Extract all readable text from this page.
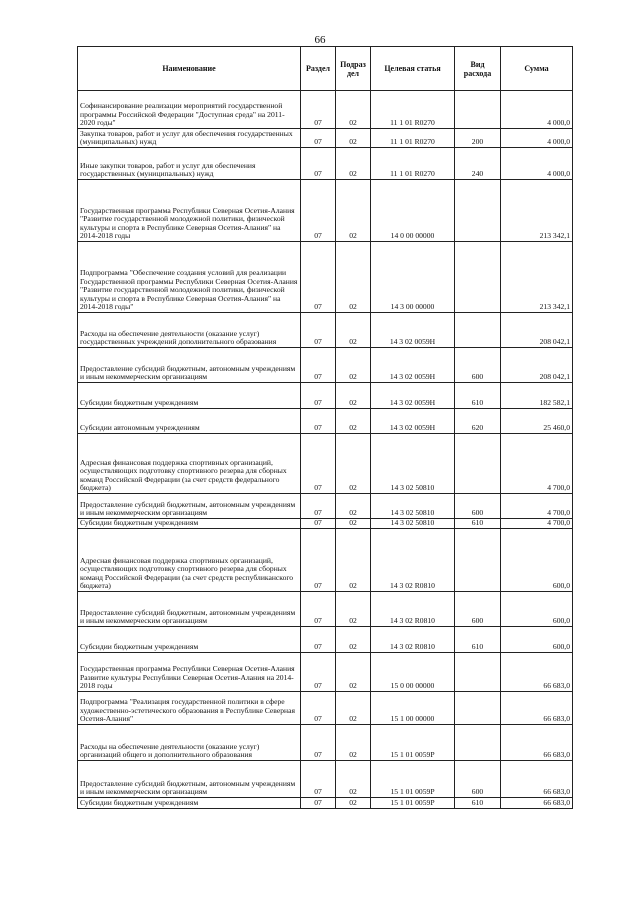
66
Наименование	Раздел	Подраз дел	Целевая статья	Вид расхода	Сумма
Софинансирование реализации мероприятий государственной программы Российской Федерации "Доступная среда" на 2011-2020 годы"	07	02	11 1 01 R0270		4 000,0
Закупка товаров, работ и услуг для обеспечения государственных (муниципальных) нужд	07	02	11 1 01 R0270	200	4 000,0
Иные закупки товаров, работ и услуг для обеспечения государственных (муниципальных) нужд	07	02	11 1 01 R0270	240	4 000,0
Государственная программа Республики Северная Осетия-Алания "Развитие государственной молодежной политики, физической культуры и спорта в Республике Северная Осетия-Алания" на 2014-2018 годы	07	02	14 0 00 00000		213 342,1
Подпрограмма "Обеспечение создания условий для реализации Государственной программы Республики Северная Осетия-Алания "Развитие государственной молодежной политики, физической культуры и спорта в Республике Северная Осетия-Алания" на 2014-2018 годы"	07	02	14 3 00 00000		213 342,1
Расходы на обеспечение деятельности (оказание услуг) государственных учреждений дополнительного образования	07	02	14 3 02 0059Н		208 042,1
Предоставление субсидий бюджетным, автономным учреждениям и иным некоммерческим организациям	07	02	14 3 02 0059Н	600	208 042,1
Субсидии бюджетным учреждениям	07	02	14 3 02 0059Н	610	182 582,1
Субсидии автономным учреждениям	07	02	14 3 02 0059Н	620	25 460,0
Адресная финансовая поддержка спортивных организаций, осуществляющих подготовку спортивного резерва для сборных команд Российской Федерации (за счет средств федерального бюджета)	07	02	14 3 02 50810		4 700,0
Предоставление субсидий бюджетным, автономным учреждениям и иным некоммерческим организациям	07	02	14 3 02 50810	600	4 700,0
Субсидии бюджетным учреждениям	07	02	14 3 02 50810	610	4 700,0
Адресная финансовая поддержка спортивных организаций, осуществляющих подготовку спортивного резерва для сборных команд Российской Федерации (за счет средств республиканского бюджета)	07	02	14 3 02 R0810		600,0
Предоставление субсидий бюджетным, автономным учреждениям и иным некоммерческим организациям	07	02	14 3 02 R0810	600	600,0
Субсидии бюджетным учреждениям	07	02	14 3 02 R0810	610	600,0
Государственная программа Республики Северная Осетия-Алания Развитие культуры Республики Северная Осетия-Алания на 2014-2018 годы	07	02	15 0 00 00000		66 683,0
Подпрограмма "Реализация государственной политики в сфере художественно-эстетического образования в Республике Северная Осетия-Алания"	07	02	15 1 00 00000		66 683,0
Расходы на обеспечение деятельности (оказание услуг) организаций общего и дополнительного образования	07	02	15 1 01 0059Р		66 683,0
Предоставление субсидий бюджетным, автономным учреждениям и иным некоммерческим организациям	07	02	15 1 01 0059Р	600	66 683,0
Субсидии бюджетным учреждениям	07	02	15 1 01 0059Р	610	66 683,0
